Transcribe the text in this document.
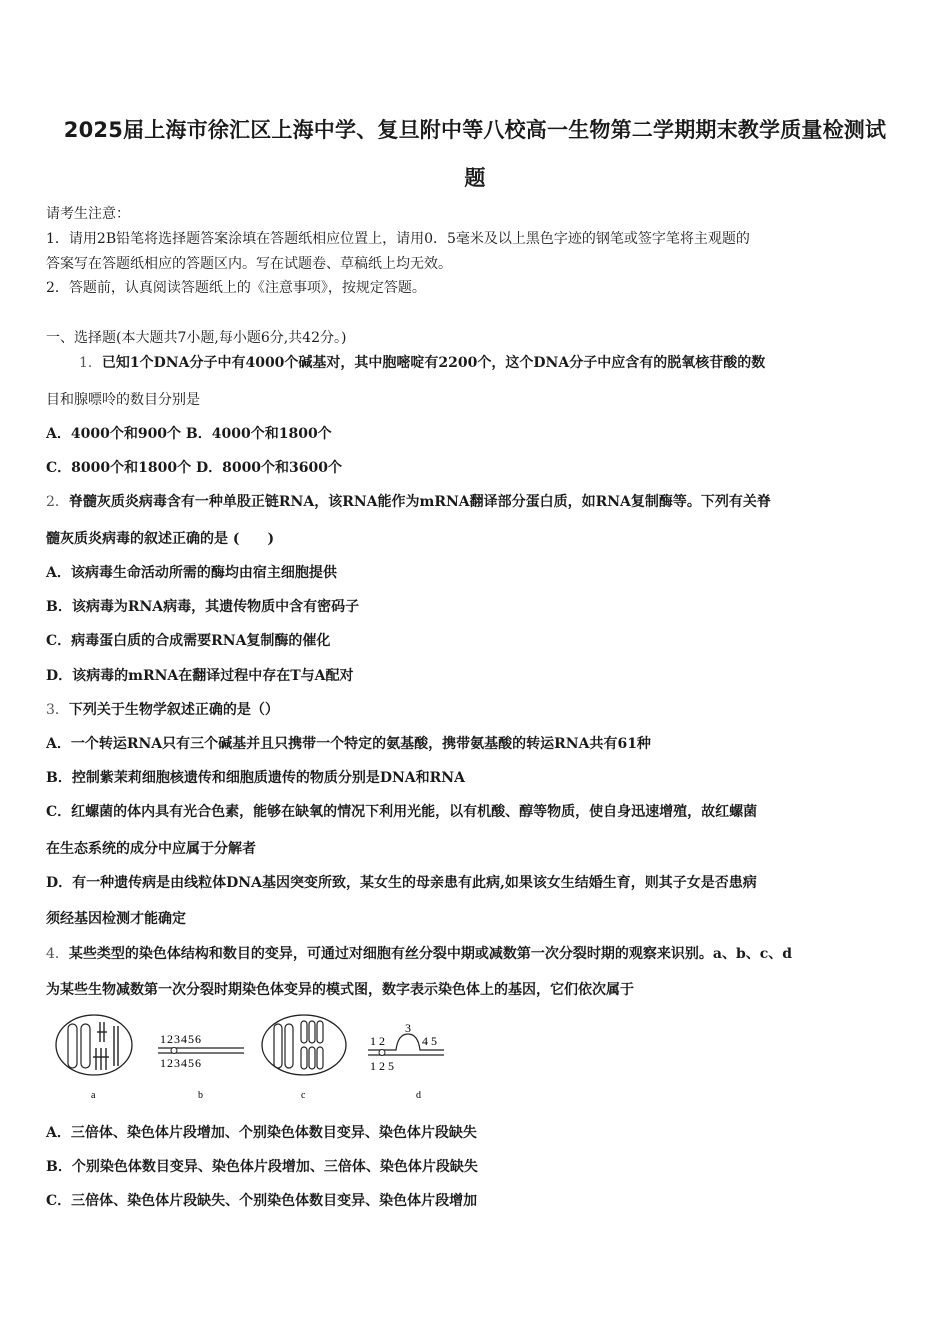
2025届上海市徐汇区上海中学、复旦附中等八校高一生物第二学期期末教学质量检测试
题
请考生注意：
1．请用2B铅笔将选择题答案涂填在答题纸相应位置上，请用0．5毫米及以上黑色字迹的钢笔或签字笔将主观题的
答案写在答题纸相应的答题区内。写在试题卷、草稿纸上均无效。
2．答题前，认真阅读答题纸上的《注意事项》，按规定答题。
一、选择题(本大题共7小题,每小题6分,共42分。)
1．已知1个DNA分子中有4000个碱基对，其中胞嘧啶有2200个，这个DNA分子中应含有的脱氧核苷酸的数
目和腺嘌呤的数目分别是
A．4000个和900个 B．4000个和1800个
C．8000个和1800个 D．8000个和3600个
2．脊髓灰质炎病毒含有一种单股正链RNA，该RNA能作为mRNA翻译部分蛋白质，如RNA复制酶等。下列有关脊
髓灰质炎病毒的叙述正确的是 (　　)
A．该病毒生命活动所需的酶均由宿主细胞提供
B．该病毒为RNA病毒，其遗传物质中含有密码子
C．病毒蛋白质的合成需要RNA复制酶的催化
D．该病毒的mRNA在翻译过程中存在T与A配对
3．下列关于生物学叙述正确的是（）
A．一个转运RNA只有三个碱基并且只携带一个特定的氨基酸，携带氨基酸的转运RNA共有61种
B．控制紫茉莉细胞核遗传和细胞质遗传的物质分别是DNA和RNA
C．红螺菌的体内具有光合色素，能够在缺氧的情况下利用光能，以有机酸、醇等物质，使自身迅速增殖，故红螺菌
在生态系统的成分中应属于分解者
D．有一种遗传病是由线粒体DNA基因突变所致，某女生的母亲患有此病,如果该女生结婚生育，则其子女是否患病
须经基因检测才能确定
4．某些类型的染色体结构和数目的变异，可通过对细胞有丝分裂中期或减数第一次分裂时期的观察来识别。a、b、c、d
为某些生物减数第一次分裂时期染色体变异的模式图，数字表示染色体上的基因，它们依次属于
a
123456
123456
b	c
1 2
3
4 5
1 2 5
d
A．三倍体、染色体片段增加、个别染色体数目变异、染色体片段缺失
B．个别染色体数目变异、染色体片段增加、三倍体、染色体片段缺失
C．三倍体、染色体片段缺失、个别染色体数目变异、染色体片段增加
